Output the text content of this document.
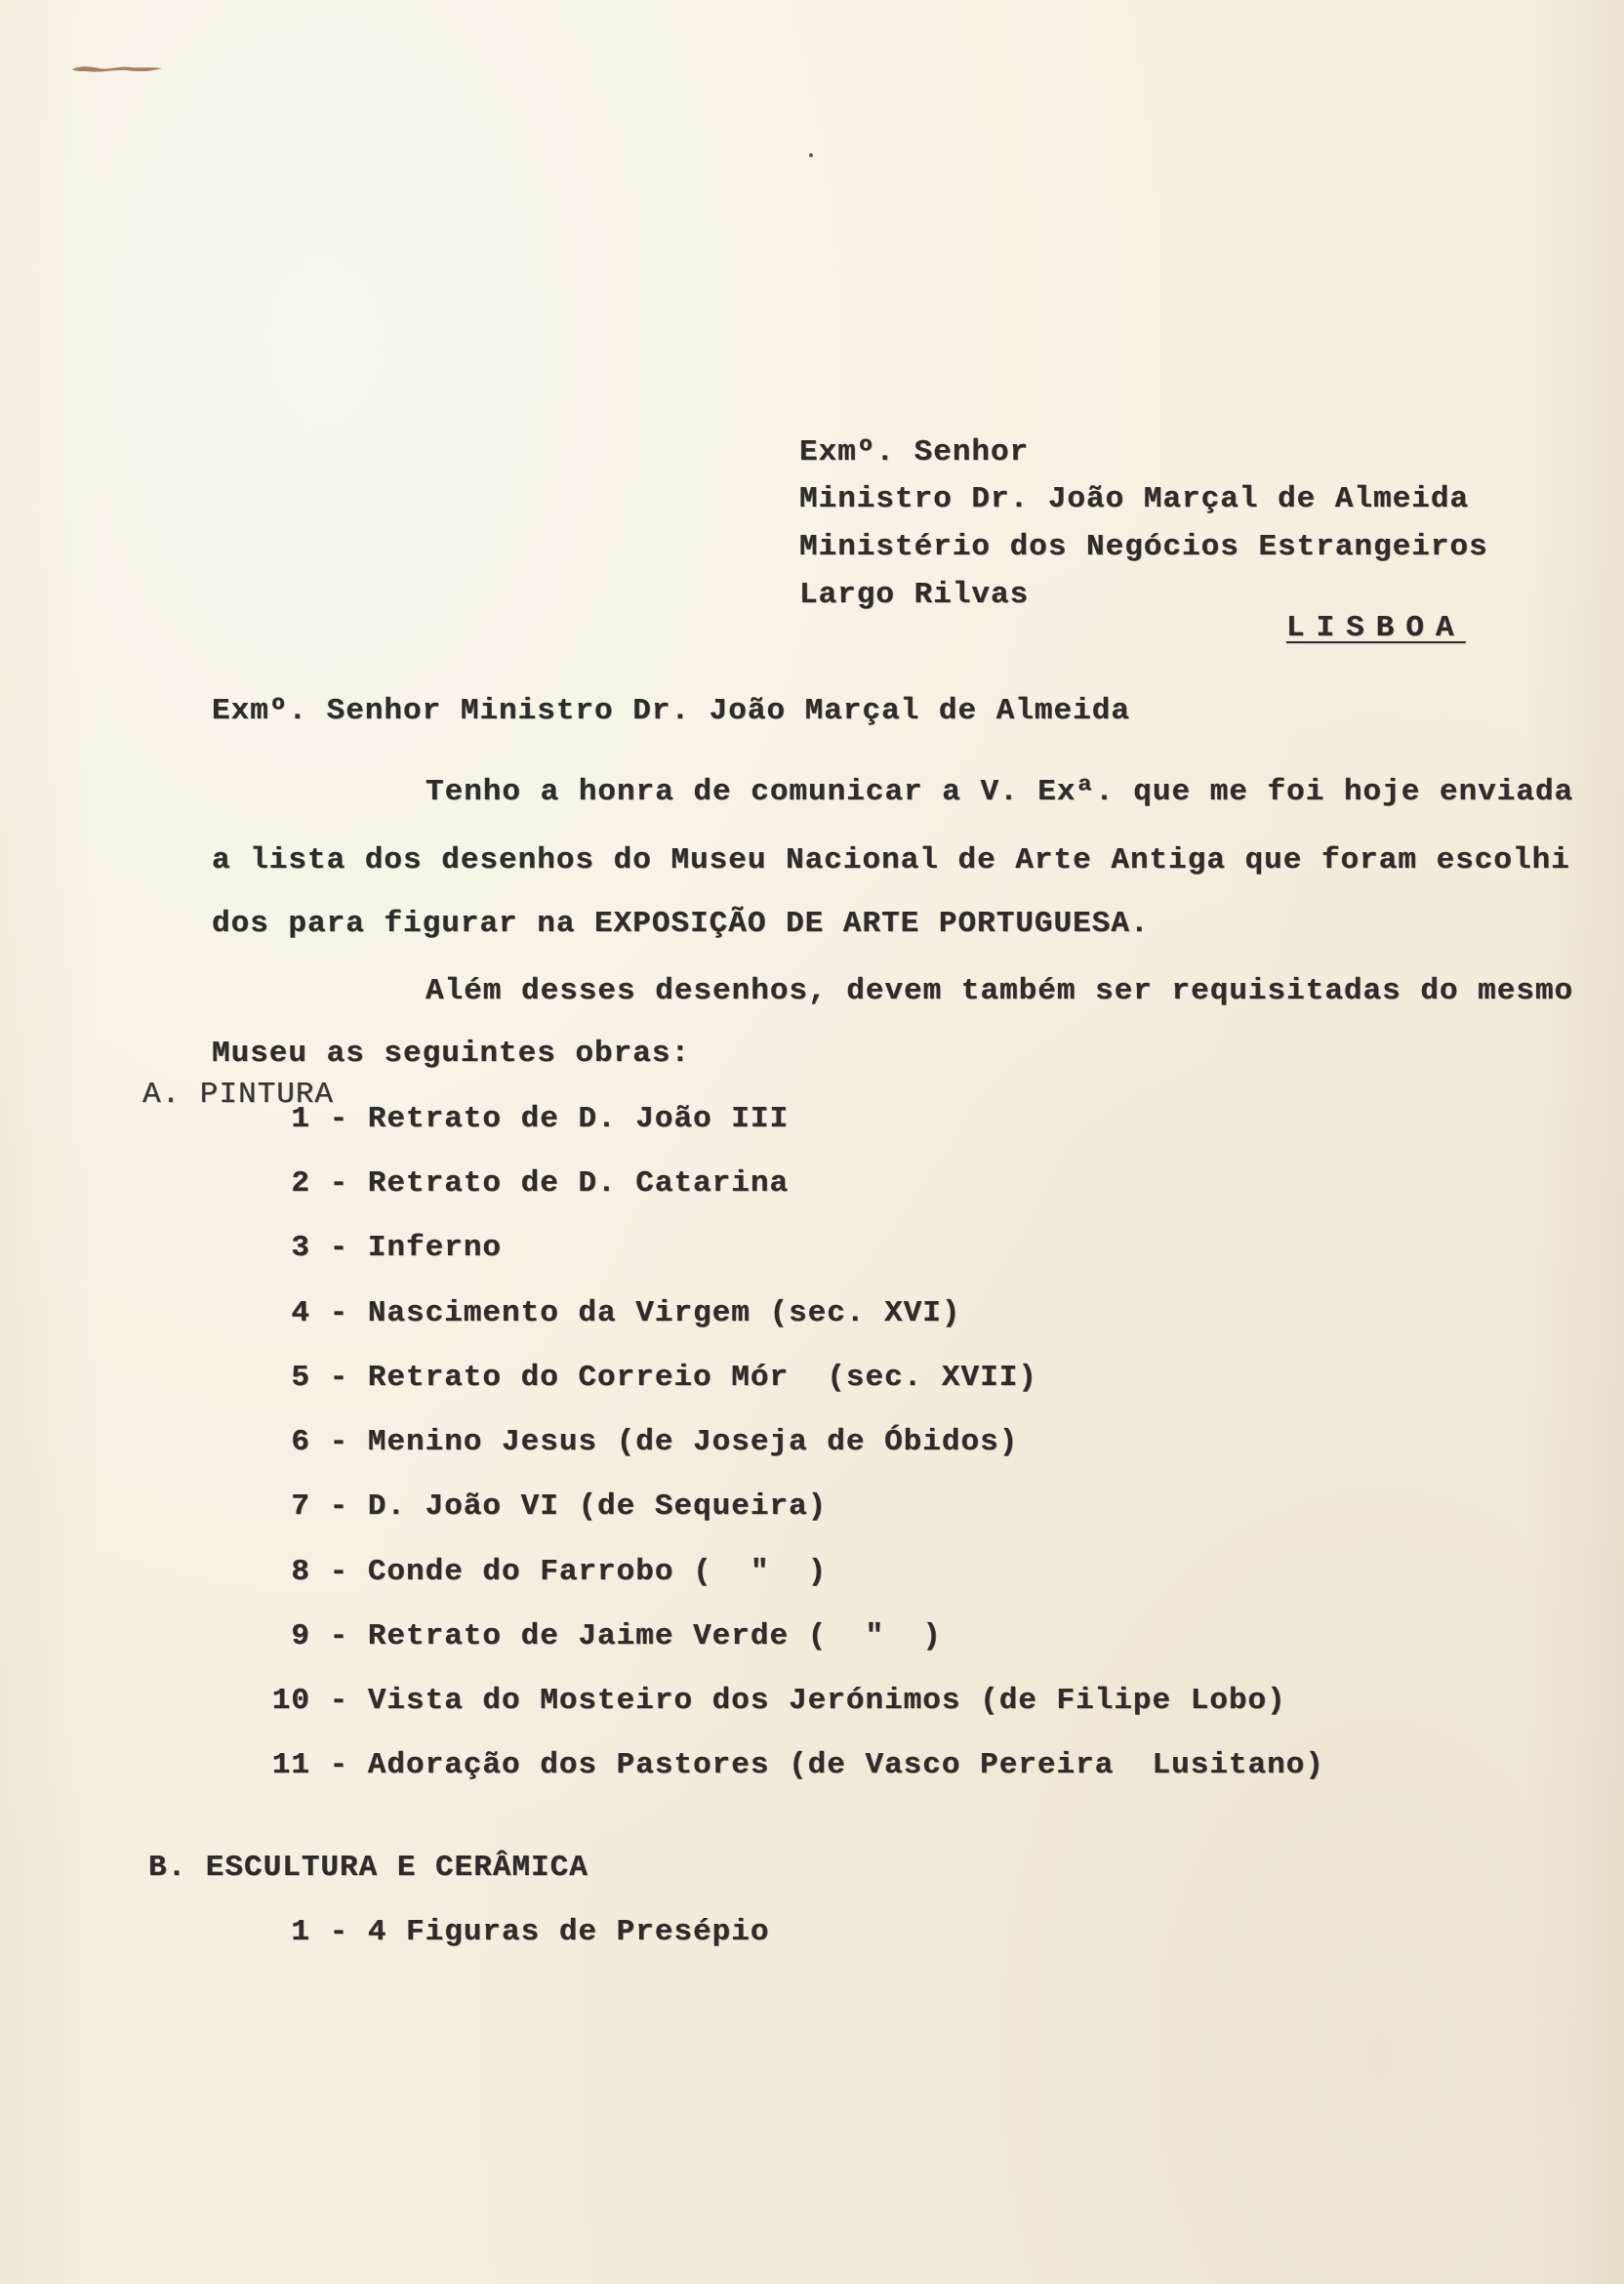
Exmº. Senhor
Ministro Dr. João Marçal de Almeida
Ministério dos Negócios Estrangeiros
Largo Rilvas
LISBOA
Exmº. Senhor Ministro Dr. João Marçal de Almeida
Tenho a honra de comunicar a V. Exª. que me foi hoje enviada
a lista dos desenhos do Museu Nacional de Arte Antiga que foram escolhi
dos para figurar na EXPOSIÇÃO DE ARTE PORTUGUESA.
Além desses desenhos, devem também ser requisitadas do mesmo
Museu as seguintes obras:
A. PINTURA
1 - Retrato de D. João III
2 - Retrato de D. Catarina
3 - Inferno
4 - Nascimento da Virgem (sec. XVI)
5 - Retrato do Correio Mór  (sec. XVII)
6 - Menino Jesus (de Joseja de Óbidos)
7 - D. João VI (de Sequeira)
8 - Conde do Farrobo (  "  )
9 - Retrato de Jaime Verde (  "  )
10 - Vista do Mosteiro dos Jerónimos (de Filipe Lobo)
11 - Adoração dos Pastores (de Vasco Pereira  Lusitano)
B. ESCULTURA E CERÂMICA
1 - 4 Figuras de Presépio
